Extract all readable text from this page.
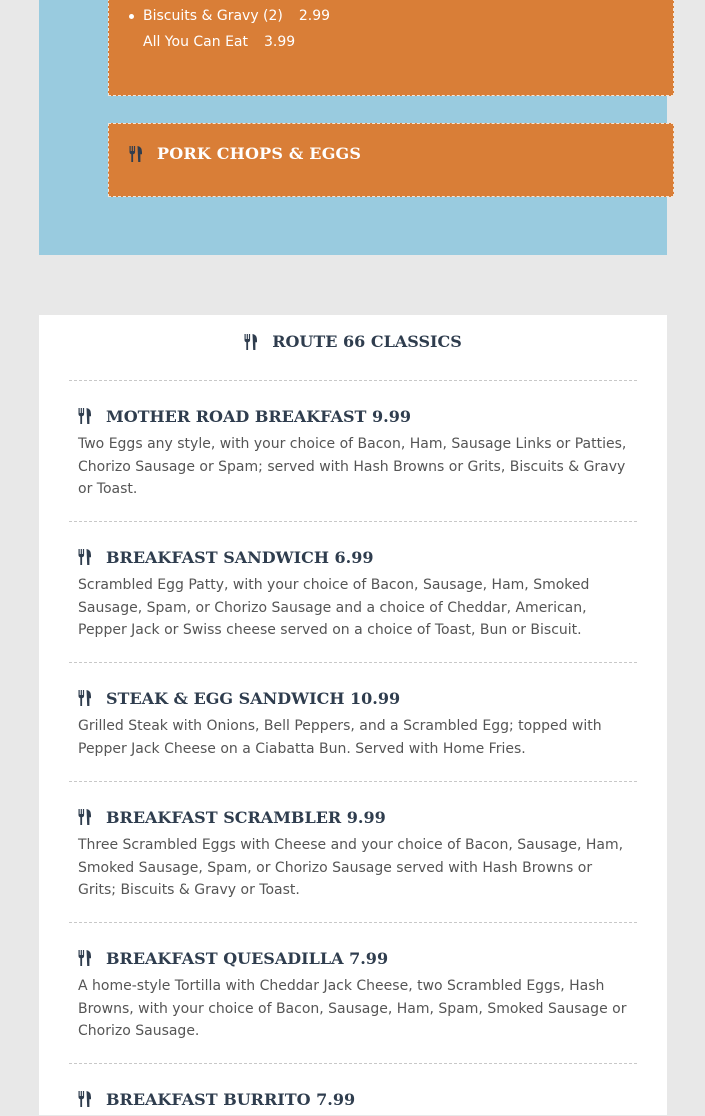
Biscuits & Gravy (2) 2.99
All You Can Eat 3.99
PORK CHOPS & EGGS
ROUTE 66 CLASSICS
MOTHER ROAD BREAKFAST 9.99
Two Eggs any style, with your choice of Bacon, Ham, Sausage Links or Patties, Chorizo Sausage or Spam; served with Hash Browns or Grits, Biscuits & Gravy or Toast.
BREAKFAST SANDWICH 6.99
Scrambled Egg Patty, with your choice of Bacon, Sausage, Ham, Smoked Sausage, Spam, or Chorizo Sausage and a choice of Cheddar, American, Pepper Jack or Swiss cheese served on a choice of Toast, Bun or Biscuit.
STEAK & EGG SANDWICH 10.99
Grilled Steak with Onions, Bell Peppers, and a Scrambled Egg; topped with Pepper Jack Cheese on a Ciabatta Bun. Served with Home Fries.
BREAKFAST SCRAMBLER 9.99
Three Scrambled Eggs with Cheese and your choice of Bacon, Sausage, Ham, Smoked Sausage, Spam, or Chorizo Sausage served with Hash Browns or Grits; Biscuits & Gravy or Toast.
BREAKFAST QUESADILLA 7.99
A home-style Tortilla with Cheddar Jack Cheese, two Scrambled Eggs, Hash Browns, with your choice of Bacon, Sausage, Ham, Spam, Smoked Sausage or Chorizo Sausage.
BREAKFAST BURRITO 7.99
